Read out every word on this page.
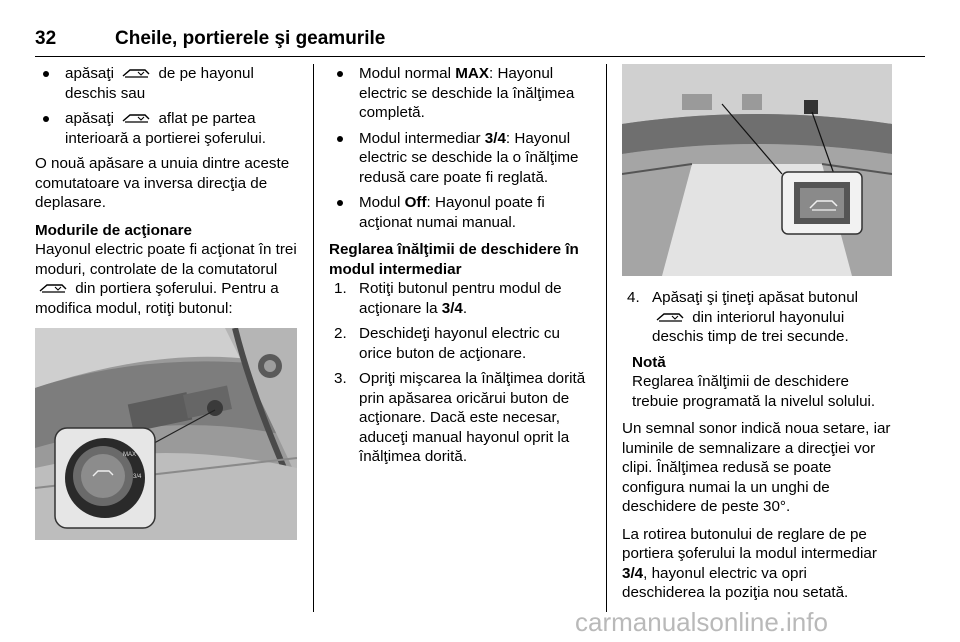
32	Cheile, portierele şi geamurile
apăsaţi	de pe hayonul deschis sau
apăsaţi	aflat pe partea interioară a portierei şoferului.

O nouă apăsare a unuia dintre aceste comutatoare va inversa direcţia de deplasare.

Modurile de acţionare

Hayonul electric poate fi acţionat în trei moduri, controlate de la comutatorul  din portiera şoferului. Pentru a modifica modul, rotiţi butonul:

MAX
3/4
Modul normal MAX: Hayonul electric se deschide la înălţimea completă.
Modul intermediar 3/4: Hayonul electric se deschide la o înălţime redusă care poate fi reglată.
Modul Off: Hayonul poate fi acţionat numai manual.
Reglarea înălţimii de deschidere în modul intermediar
1. Rotiţi butonul pentru modul de acţionare la 3/4.
2. Deschideţi hayonul electric cu orice buton de acţionare.
3. Opriţi mişcarea la înălţimea dorită prin apăsarea oricărui buton de acţionare. Dacă este necesar, aduceţi manual hayonul oprit la înălţimea dorită.
4. Apăsaţi şi ţineţi apăsat butonul  din interiorul hayonului deschis timp de trei secunde.
Notă
Reglarea înălţimii de deschidere trebuie programată la nivelul solului.

Un semnal sonor indică noua setare, iar luminile de semnalizare a direcţiei vor clipi. Înălţimea redusă se poate configura numai la un unghi de deschidere de peste 30°.

La rotirea butonului de reglare de pe portiera şoferului la modul intermediar 3/4, hayonul electric va opri deschiderea la poziţia nou setată.

carmanualsonline.info
